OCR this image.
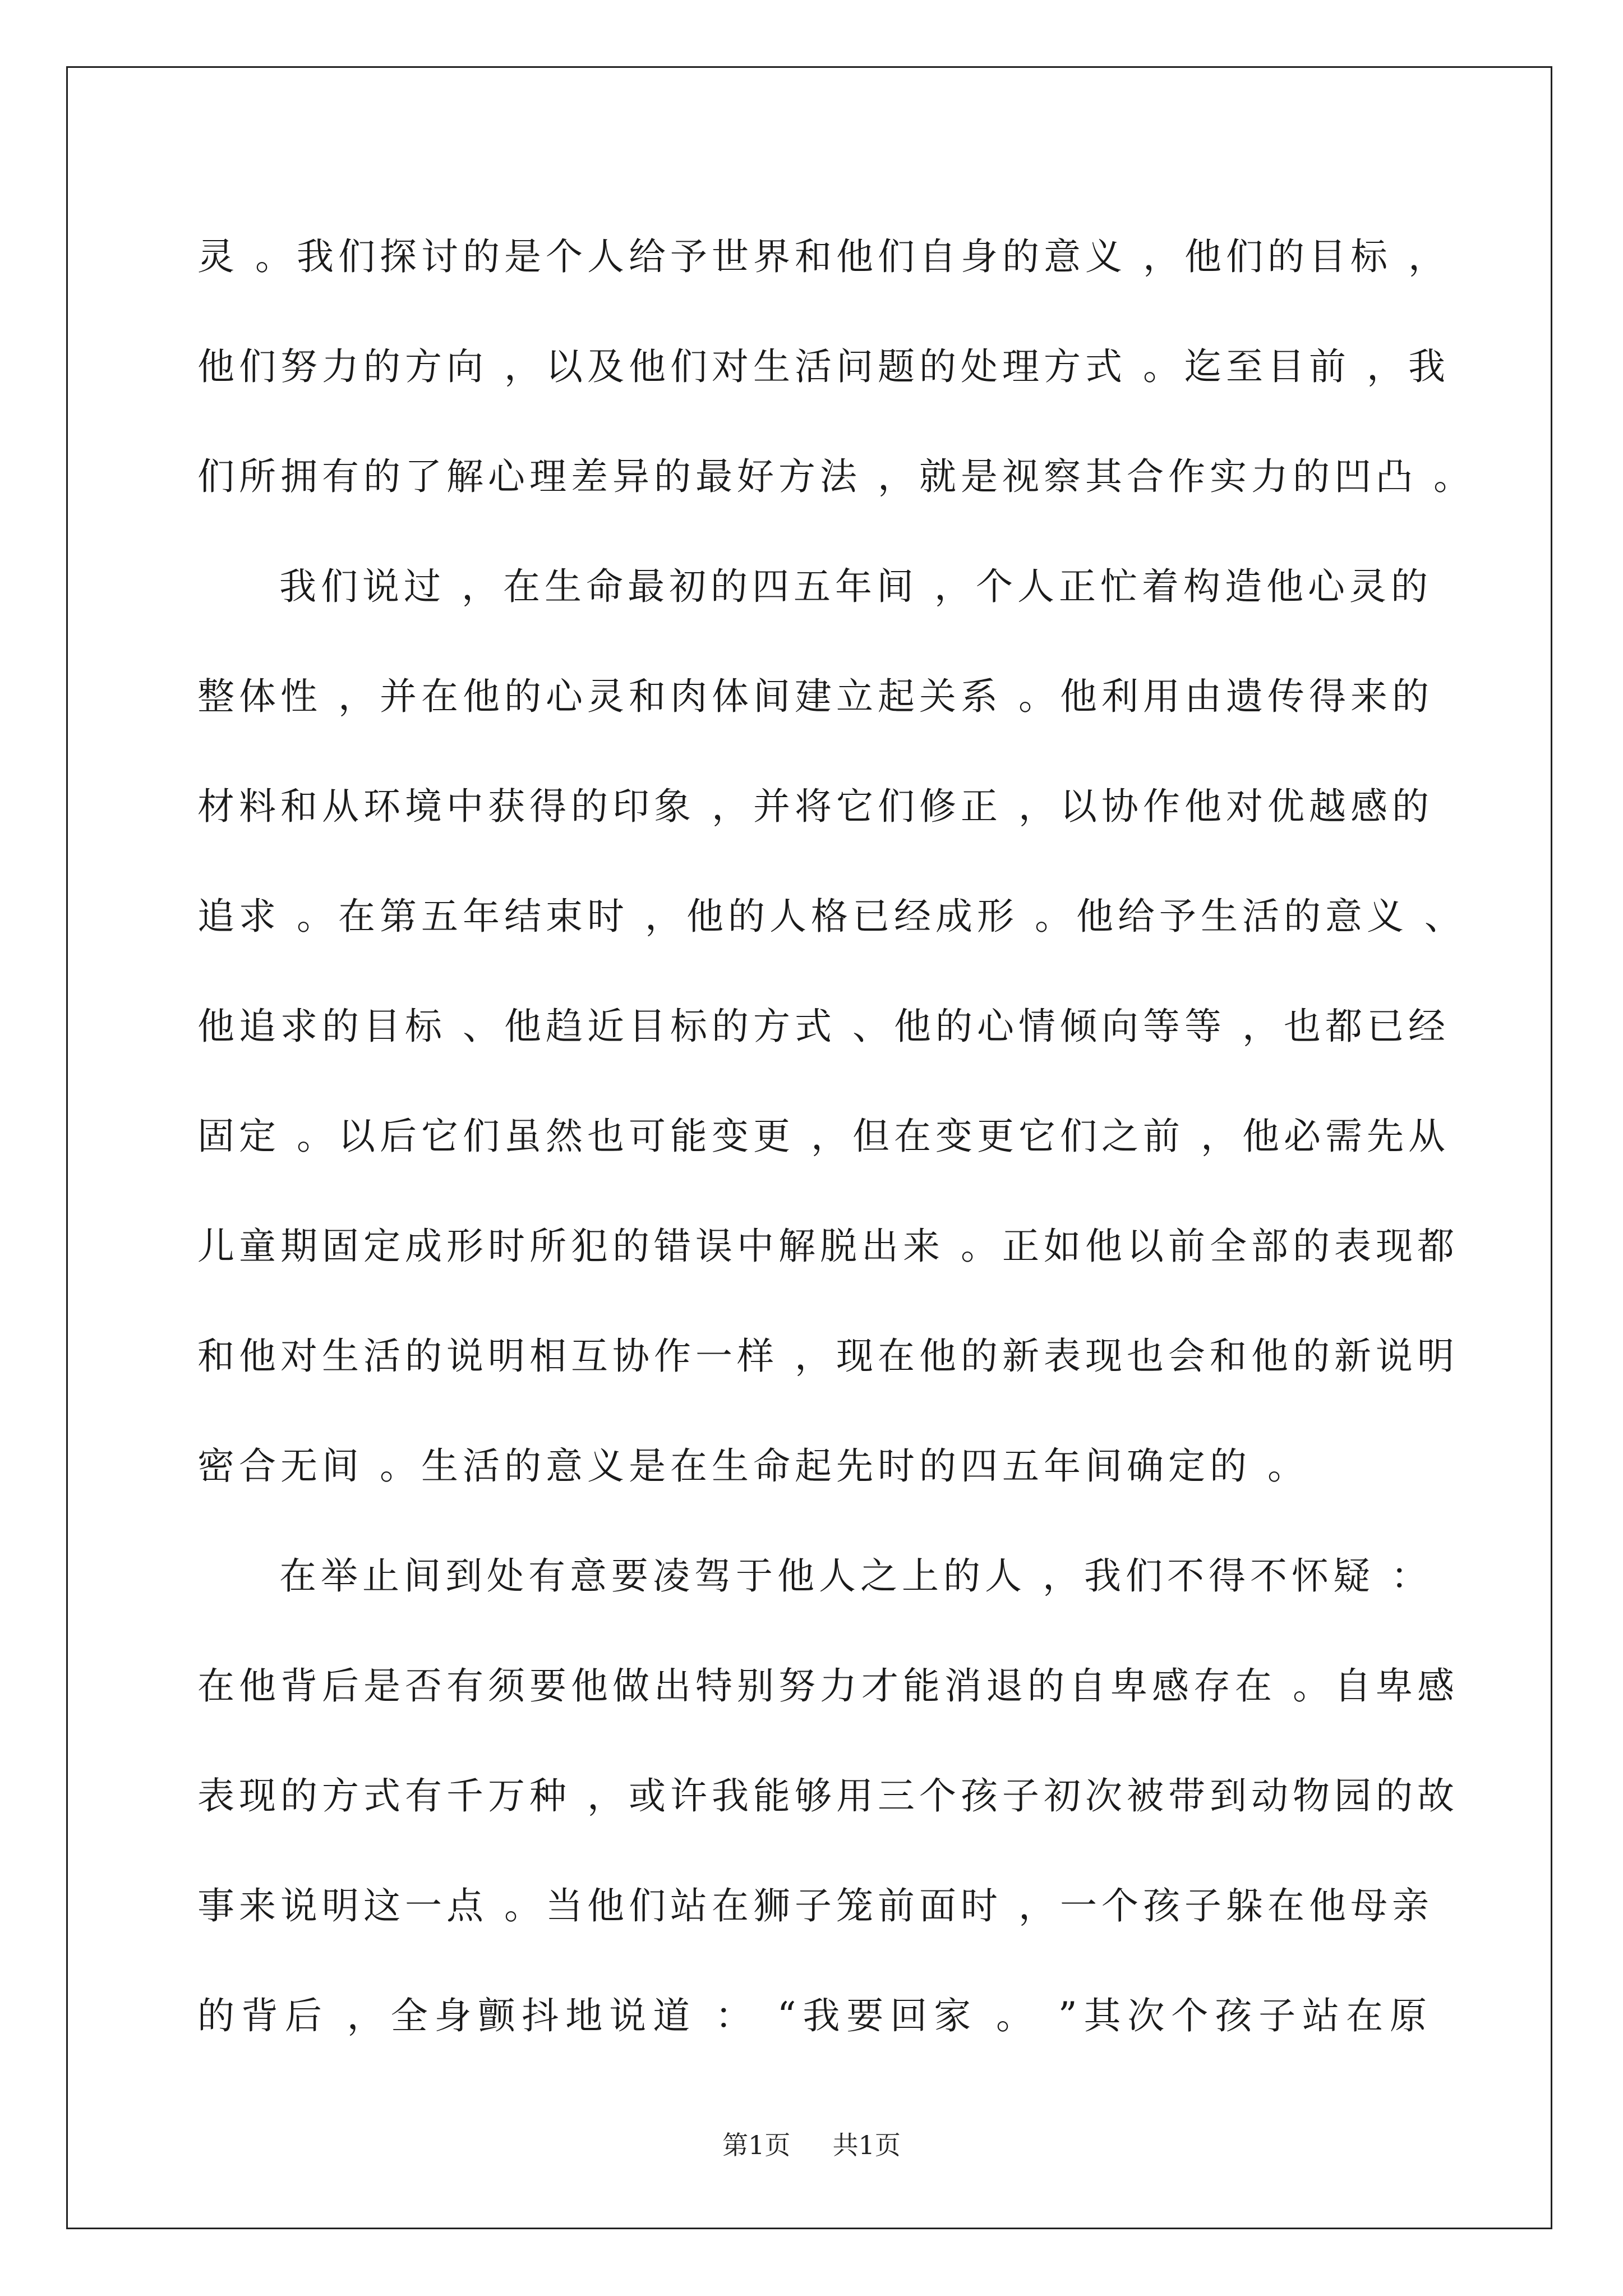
灵 。我们探讨的是个人给予世界和他们自身的意义 ，他们的目标 ，
他们努力的方向 ，以及他们对生活问题的处理方式 。迄至目前 ，我
们所拥有的了解心理差异的最好方法 ，就是视察其合作实力的凹凸 。
我们说过 ，在生命最初的四五年间 ，个人正忙着构造他心灵的
整体性 ，并在他的心灵和肉体间建立起关系 。他利用由遗传得来的
材料和从环境中获得的印象 ，并将它们修正 ，以协作他对优越感的
追求 。在第五年结束时 ，他的人格已经成形 。他给予生活的意义 、
他追求的目标 、他趋近目标的方式 、他的心情倾向等等 ，也都已经
固定 。以后它们虽然也可能变更 ，但在变更它们之前 ，他必需先从
儿童期固定成形时所犯的错误中解脱出来 。正如他以前全部的表现都
和他对生活的说明相互协作一样 ，现在他的新表现也会和他的新说明
密合无间 。生活的意义是在生命起先时的四五年间确定的 。
在举止间到处有意要凌驾于他人之上的人 ，我们不得不怀疑 ：
在他背后是否有须要他做出特别努力才能消退的自卑感存在 。自卑感
表现的方式有千万种 ，或许我能够用三个孩子初次被带到动物园的故
事来说明这一点 。当他们站在狮子笼前面时 ，一个孩子躲在他母亲
的背后 ，全身颤抖地说道 ： “我要回家 。 ”其次个孩子站在原
第1页 共1页
